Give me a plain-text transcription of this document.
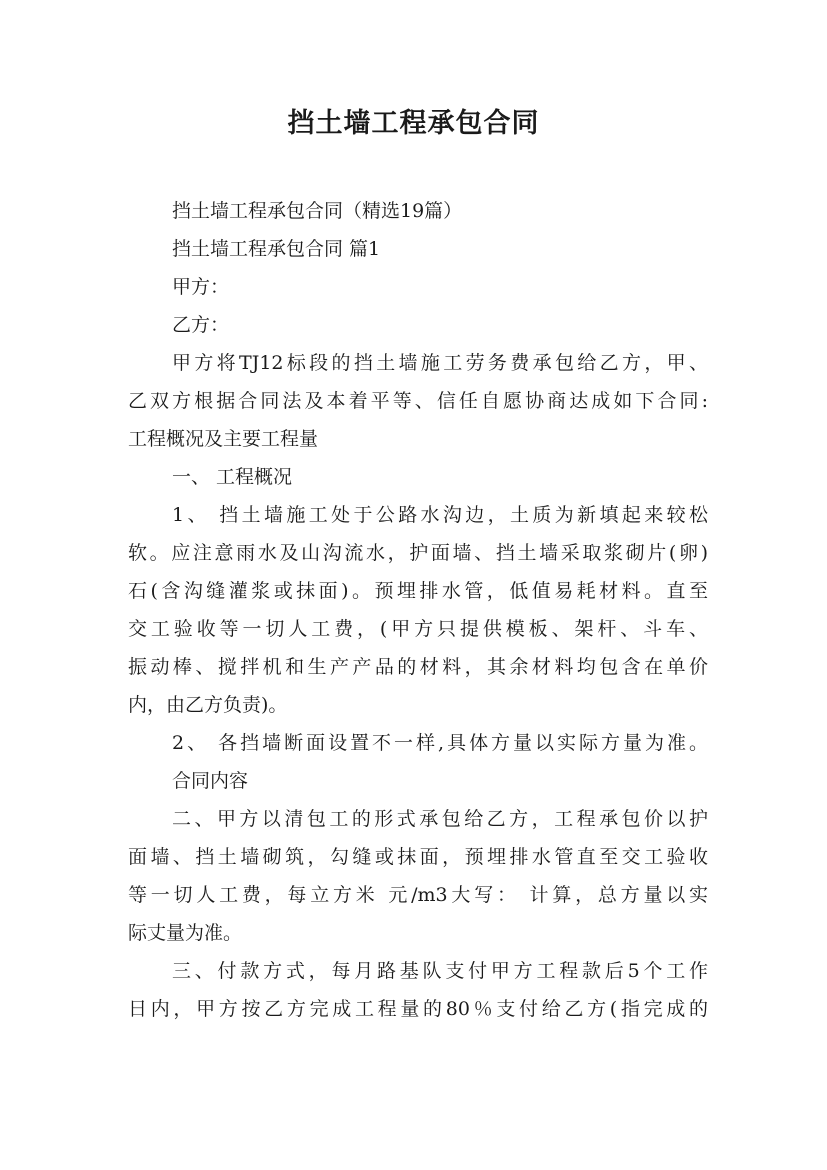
挡土墙工程承包合同
挡土墙工程承包合同（精选19篇）
挡土墙工程承包合同 篇1
甲方：
乙方：
甲方将TJ12标段的挡土墙施工劳务费承包给乙方，甲、
乙双方根据合同法及本着平等、信任自愿协商达成如下合同:
工程概况及主要工程量
一、 工程概况
1、 挡土墙施工处于公路水沟边，土质为新填起来较松
软。应注意雨水及山沟流水，护面墙、挡土墙采取浆砌片(卵)
石(含沟缝灌浆或抹面)。预埋排水管，低值易耗材料。直至
交工验收等一切人工费，(甲方只提供模板、架杆、斗车、
振动棒、搅拌机和生产产品的材料，其余材料均包含在单价
内，由乙方负责)。
2、 各挡墙断面设置不一样,具体方量以实际方量为准。
合同内容
二、甲方以清包工的形式承包给乙方，工程承包价以护
面墙、挡土墙砌筑，勾缝或抹面，预埋排水管直至交工验收
等一切人工费，每立方米 元/m3大写： 计算，总方量以实
际丈量为准。
三、付款方式，每月路基队支付甲方工程款后5个工作
日内，甲方按乙方完成工程量的80％支付给乙方(指完成的
